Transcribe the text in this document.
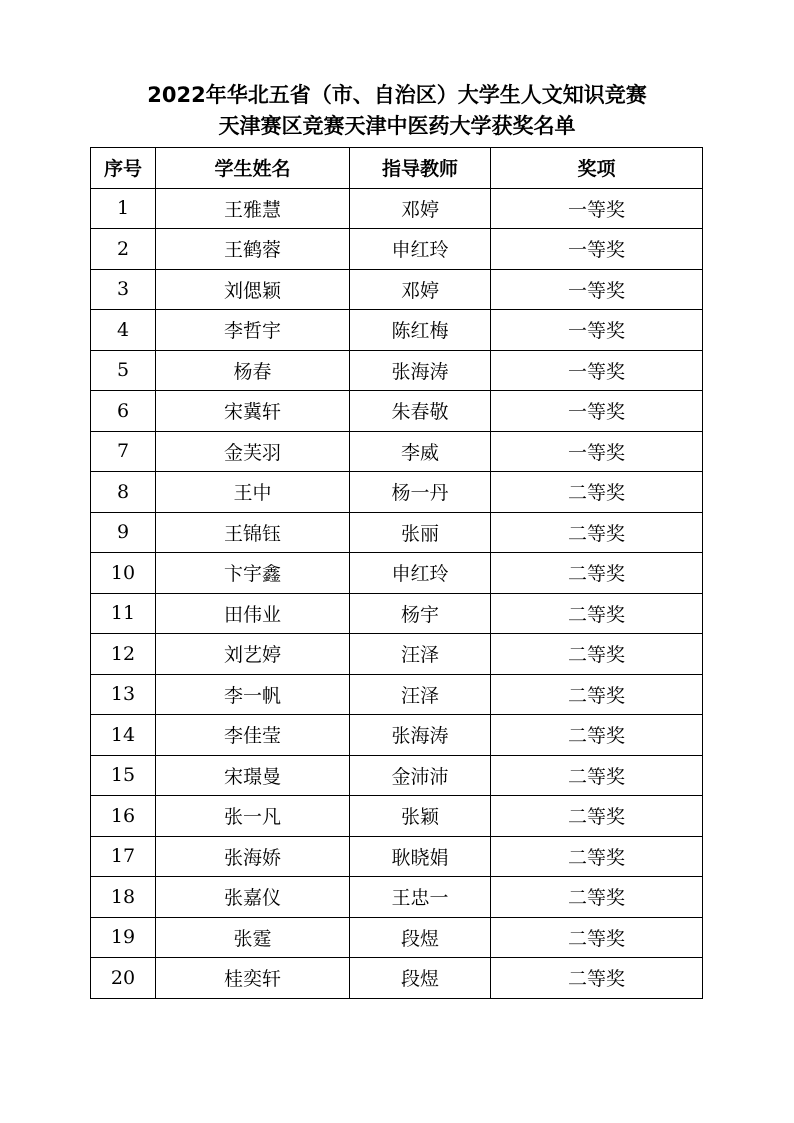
2022年华北五省（市、自治区）大学生人文知识竞赛
天津赛区竞赛天津中医药大学获奖名单
序号	学生姓名	指导教师	奖项
1	王雅慧	邓婷	一等奖
2	王鹤蓉	申红玲	一等奖
3	刘偲颖	邓婷	一等奖
4	李哲宇	陈红梅	一等奖
5	杨春	张海涛	一等奖
6	宋冀轩	朱春敬	一等奖
7	金芙羽	李威	一等奖
8	王中	杨一丹	二等奖
9	王锦钰	张丽	二等奖
10	卞宇鑫	申红玲	二等奖
11	田伟业	杨宇	二等奖
12	刘艺婷	汪泽	二等奖
13	李一帆	汪泽	二等奖
14	李佳莹	张海涛	二等奖
15	宋璟曼	金沛沛	二等奖
16	张一凡	张颖	二等奖
17	张海娇	耿晓娟	二等奖
18	张嘉仪	王忠一	二等奖
19	张霆	段煜	二等奖
20	桂奕轩	段煜	二等奖
